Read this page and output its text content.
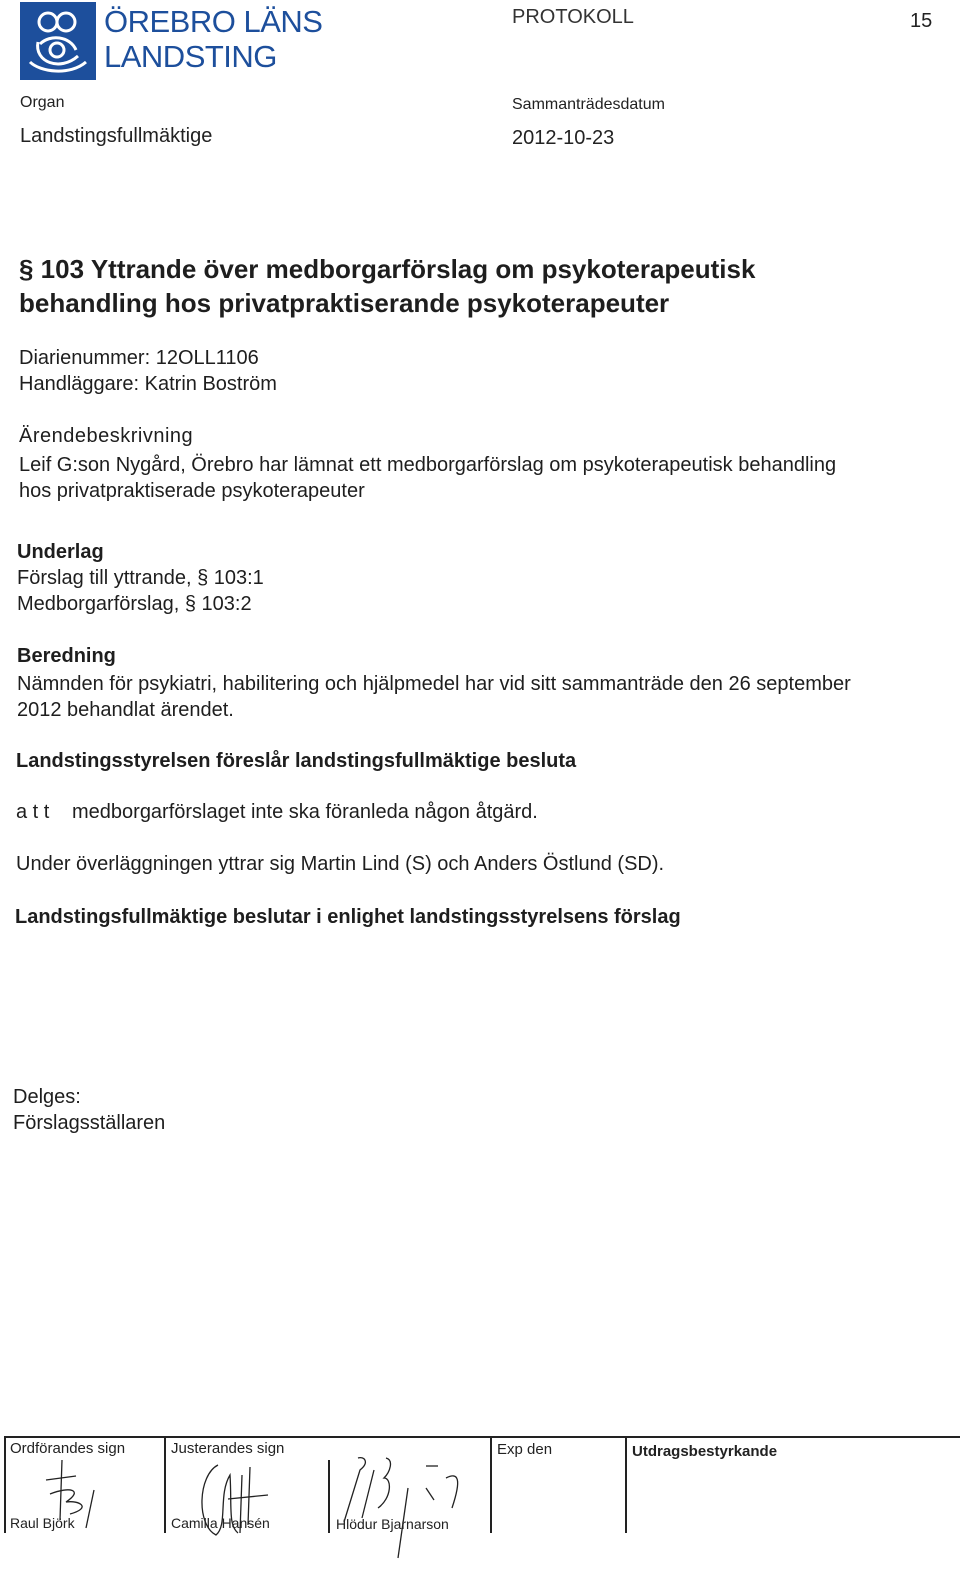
ÖREBRO LÄNS
LANDSTING
PROTOKOLL	15
Organ
Landstingsfullmäktige
Sammanträdesdatum
2012-10-23
§ 103 Yttrande över medborgarförslag om psykoterapeutisk
behandling hos privatpraktiserande psykoterapeuter
Diarienummer: 12OLL1106
Handläggare: Katrin Boström
Ärendebeskrivning
Leif G:son Nygård, Örebro har lämnat ett medborgarförslag om psykoterapeutisk behandling
hos privatpraktiserade psykoterapeuter
Underlag
Förslag till yttrande, § 103:1
Medborgarförslag, § 103:2
Beredning
Nämnden för psykiatri, habilitering och hjälpmedel har vid sitt sammanträde den 26 september
2012 behandlat ärendet.
Landstingsstyrelsen föreslår landstingsfullmäktige besluta
a t t medborgarförslaget inte ska föranleda någon åtgärd.
Under överläggningen yttrar sig Martin Lind (S) och Anders Östlund (SD).
Landstingsfullmäktige beslutar i enlighet landstingsstyrelsens förslag
Delges:
Förslagsställaren
Ordförandes sign	Justerandes sign	Exp den	Utdragsbestyrkande
Raul Björk	Camilla Hansén	Hlödur Bjarnarson
